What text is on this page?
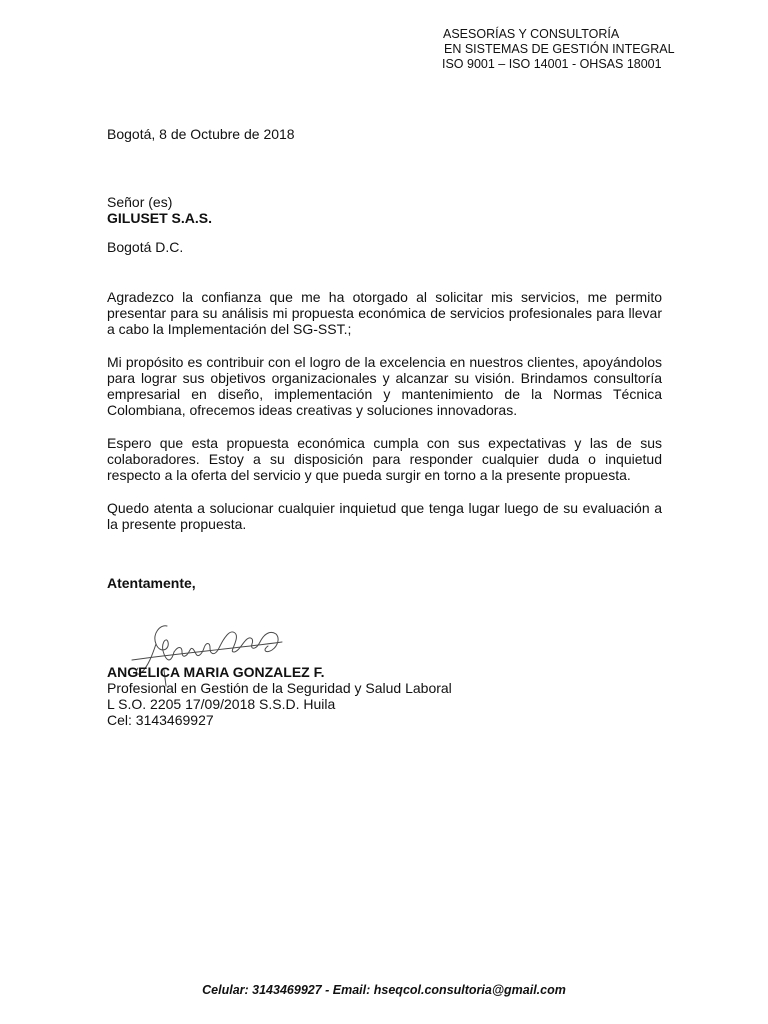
ASESORÍAS Y CONSULTORÍA
EN SISTEMAS DE GESTIÓN INTEGRAL
ISO 9001 – ISO 14001 - OHSAS 18001

Bogotá, 8 de Octubre de 2018

Señor (es)

GILUSET S.A.S.

Bogotá D.C.

Agradezco la confianza que me ha otorgado al solicitar mis servicios, me permito presentar para su análisis mi propuesta económica de servicios profesionales para llevar a cabo la Implementación del SG-SST.;

Mi propósito es contribuir con el logro de la excelencia en nuestros clientes, apoyándolos para lograr sus objetivos organizacionales y alcanzar su visión. Brindamos consultoría empresarial en diseño, implementación y mantenimiento de la Normas Técnica Colombiana, ofrecemos ideas creativas y soluciones innovadoras.

Espero que esta propuesta económica cumpla con sus expectativas y las de sus colaboradores. Estoy a su disposición para responder cualquier duda o inquietud respecto a la oferta del servicio y que pueda surgir en torno a la presente propuesta.

Quedo atenta a solucionar cualquier inquietud que tenga lugar luego de su evaluación a la presente propuesta.

Atentamente,

ANGELICA MARIA GONZALEZ F.
Profesional en Gestión de la Seguridad y Salud Laboral
L S.O. 2205 17/09/2018 S.S.D. Huila
Cel: 3143469927
Celular: 3143469927 - Email: hseqcol.consultoria@gmail.com
